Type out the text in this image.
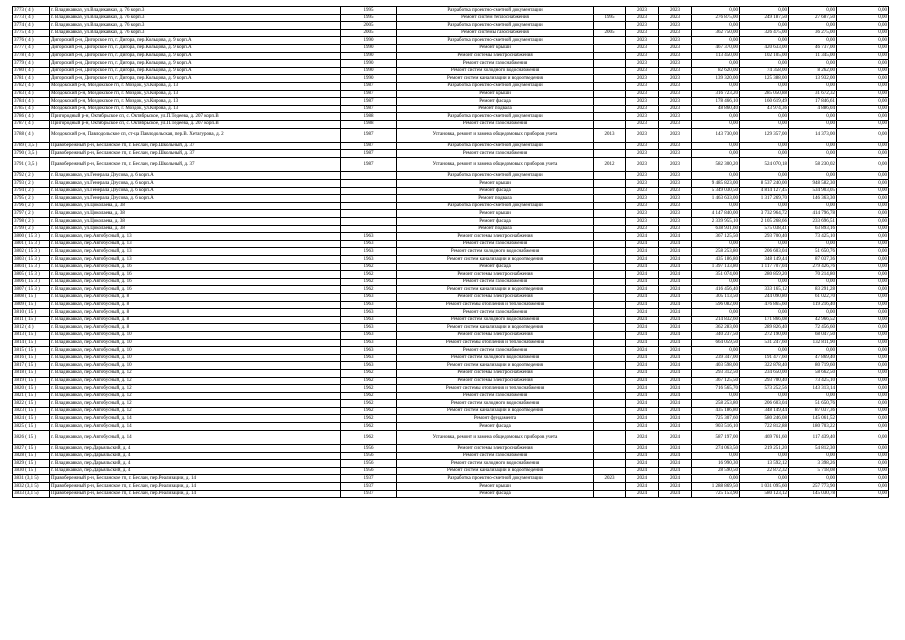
3773 ( 4 )	г. Владикавказ, ул.Владикавказ, д. 76 корп.3	1995	Разработка проектно-сметной документации		2023	2023	0,00	0,00	0,00	0,00
3773 ( 4 )	г. Владикавказ, ул.Владикавказ, д. 76 корп.3	1995	Ремонт систем теплоснабжения	1995	2023	2023	276 875,00	249 187,50	27 687,50	0,00
3774 ( 4 )	г. Владикавказ, ул.Владикавказ, д. 76 корп.3	2005	Разработка проектно-сметной документации		2023	2023	0,00	0,00	0,00	0,00
3775 ( 4 )	г. Владикавказ, ул.Владикавказ, д. 76 корп.3	2005	Ремонт системы газоснабжения	2005	2023	2023	362 750,00	326 475,00	36 275,00	0,00
3776 ( 4 )	Дигорский р-н, Дигорское гп, г. Дигора, пер.Кольцова, д. 9 корп.А	1990	Разработка проектно-сметной документации		2023	2023	0,00	0,00	0,00	0,00
3777 ( 4 )	Дигорский р-н, Дигорское гп, г. Дигора, пер.Кольцова, д. 9 корп.А	1990	Ремонт крыши		2023	2023	467 370,00	420 633,00	46 737,00	0,00
3778 ( 4 )	Дигорский р-н, Дигорское гп, г. Дигора, пер.Кольцова, д. 9 корп.А	1990	Ремонт системы электроснабжения		2023	2023	113 450,00	102 105,00	11 345,00	0,00
3779 ( 4 )	Дигорский р-н, Дигорское гп, г. Дигора, пер.Кольцова, д. 9 корп.А	1990	Ремонт систем газоснабжения		2023	2023	0,00	0,00	0,00	0,00
3780 ( 4 )	Дигорский р-н, Дигорское гп, г. Дигора, пер.Кольцова, д. 9 корп.А	1990	Ремонт систем холодного водоснабжения		2023	2023	82 620,00	74 358,00	8 262,00	0,00
3781 ( 4 )	Дигорский р-н, Дигорское гп, г. Дигора, пер.Кольцова, д. 9 корп.А	1990	Ремонт систем канализации и водоотведения		2023	2023	139 320,00	125 388,00	13 932,00	0,00
3782 ( 4 )	Моздокский р-н, Моздокское гп, г. Моздок, ул.Кирова, д. 13	1987	Разработка проектно-сметной документации		2023	2023	0,00	0,00	0,00	0,00
3783 ( 4 )	Моздокский р-н, Моздокское гп, г. Моздок, ул.Кирова, д. 13	1987	Ремонт крыши		2023	2023	316 723,20	285 050,88	31 672,32	0,00
3784 ( 4 )	Моздокский р-н, Моздокское гп, г. Моздок, ул.Кирова, д. 13	1987	Ремонт фасада		2023	2023	178 466,10	160 619,49	17 846,61	0,00
3785 ( 4 )	Моздокский р-н, Моздокское гп, г. Моздок, ул.Кирова, д. 13	1987	Ремонт подвала		2023	2023	48 860,40	43 974,36	4 886,04	0,00
3786 ( 4 )	Пригородный р-н, Октябрьское сп, с. Октябрьское, ул.П.Тедеева, д. 207 корп.В	1988	Разработка проектно-сметной документации		2023	2023	0,00	0,00	0,00	0,00
3787 ( 4 )	Пригородный р-н, Октябрьское сп, с. Октябрьское, ул.П.Тедеева, д. 207 корп.В	1988	Ремонт систем газоснабжения		2023	2023	0,00	0,00	0,00	0,00
3788 ( 4 )	Моздокский р-н, Павлодольское сп, ст-ца Павлодольская, пер.В. Хетагурова, д. 2	1987	Установка, ремонт и замена общедомовых приборов учета	2013	2023	2023	143 730,00	129 357,00	14 373,00	0,00
3789 ( 3,5 )	Правобережный р-н, Бесланское гп, г. Беслан, пер.Школьный, д. 37	1987	Разработка проектно-сметной документации		2023	2023	0,00	0,00	0,00	0,00
3790 ( 3,5 )	Правобережный р-н, Бесланское гп, г. Беслан, пер.Школьный, д. 37	1987	Ремонт систем газоснабжения		2023	2023	0,00	0,00	0,00	0,00
3791 ( 3,5 )	Правобережный р-н, Бесланское гп, г. Беслан, пер.Школьный, д. 37	1987	Установка, ремонт и замена общедомовых приборов учета	2012	2023	2023	582 300,20	524 070,18	58 230,02	0,00
3792 ( 2 )	г. Владикавказ, ул.Генерала Дзусова, д. 6 корп.А		Разработка проектно-сметной документации		2023	2023	0,00	0,00	0,00	0,00
3793 ( 2 )	г. Владикавказ, ул.Генерала Дзусова, д. 6 корп.А		Ремонт крыши		2023	2023	9 485 823,00	8 537 240,00	948 582,30	0,00
3794 ( 2 )	г. Владикавказ, ул.Генерала Дзусова, д. 6 корп.А		Ремонт фасада		2023	2023	5 349 030,50	4 814 127,45	534 903,05	0,00
3795 ( 2 )	г. Владикавказ, ул.Генерала Дзусова, д. 6 корп.А		Ремонт подвала		2023	2023	1 463 633,00	1 317 269,70	146 363,30	0,00
3796 ( 2 )	г. Владикавказ, ул.Цоколаева, д. 38		Разработка проектно-сметной документации		2023	2023	0,00	0,00	0,00	0,00
3797 ( 2 )	г. Владикавказ, ул.Цоколаева, д. 38		Ремонт крыши		2023	2023	4 147 840,00	3 732 964,72	414 796,78	0,00
3798 ( 2 )	г. Владикавказ, ул.Цоколаева, д. 38		Ремонт фасада		2023	2023	2 339 955,10	2 105 268,66	233 696,51	0,00
3799 ( 2 )	г. Владикавказ, ул.Цоколаева, д. 38		Ремонт подвала		2023	2023	638 931,60	575 038,41	63 893,16	0,00
3800 ( 15 3 )	г. Владикавказ, пер.Автобусный, д. 13	1963	Ремонт системы электроснабжения		2024	2024	367 125,50	293 700,40	73 425,10	0,00
3801 ( 15 3 )	г. Владикавказ, пер.Автобусный, д. 13	1963	Ремонт систем газоснабжения		2024	2024	0,00	0,00	0,00	0,00
3802 ( 15 3 )	г. Владикавказ, пер.Автобусный, д. 13	1963	Ремонт систем холодного водоснабжения		2024	2024	258 253,80	206 603,04	51 650,76	0,00
3803 ( 15 3 )	г. Владикавказ, пер.Автобусный, д. 13	1963	Ремонт систем канализации и водоотведения		2024	2024	435 186,80	348 149,44	87 037,36	0,00
3804 ( 15 3 )	г. Владикавказ, пер.Автобусный, д. 16	1962	Ремонт фасада		2024	2024	1 397 133,80	1 117 707,04	279 426,76	0,00
3805 ( 15 3 )	г. Владикавказ, пер.Автобусный, д. 16	1962	Ремонт системы электроснабжения		2024	2024	351 074,00	280 859,20	70 214,80	0,00
3806 ( 15 3 )	г. Владикавказ, пер.Автобусный, д. 16	1962	Ремонт систем газоснабжения		2024	2024	0,00	0,00	0,00	0,00
3807 ( 15 3 )	г. Владикавказ, пер.Автобусный, д. 16	1962	Ремонт систем канализации и водоотведения		2024	2024	416 456,40	333 165,12	83 291,28	0,00
3808 ( 15 )	г. Владикавказ, пер.Автобусный, д. 8	1963	Ремонт системы электроснабжения		2024	2024	305 113,50	244 090,80	61 022,70	0,00
3809 ( 15 )	г. Владикавказ, пер.Автобусный, д. 8	1963	Ремонт системы отопления и теплоснабжения		2024	2024	596 082,00	476 865,60	119 216,40	0,00
3810 ( 15 )	г. Владикавказ, пер.Автобусный, д. 8	1963	Ремонт систем газоснабжения		2024	2024	0,00	0,00	0,00	0,00
3811 ( 15 )	г. Владикавказ, пер.Автобусный, д. 8	1963	Ремонт систем холодного водоснабжения		2024	2024	214 832,60	171 866,08	42 966,52	0,00
3812 ( 4 )	г. Владикавказ, пер.Автобусный, д. 8	1963	Ремонт систем канализации и водоотведения		2024	2024	362 283,00	289 826,40	72 456,60	0,00
3813 ( 15 )	г. Владикавказ, пер.Автобусный, д. 10	1963	Ремонт системы электроснабжения		2024	2024	340 237,50	272 190,00	68 047,50	0,00
3814 ( 15 )	г. Владикавказ, пер.Автобусный, д. 10	1963	Ремонт системы отопления и теплоснабжения		2024	2024	664 059,50	531 247,60	132 811,90	0,00
3815 ( 15 )	г. Владикавказ, пер.Автобусный, д. 10	1963	Ремонт систем газоснабжения		2024	2024	0,00	0,00	0,00	0,00
3816 ( 15 )	г. Владикавказ, пер.Автобусный, д. 10	1963	Ремонт систем холодного водоснабжения		2024	2024	239 347,00	191 477,60	47 869,40	0,00
3817 ( 15 )	г. Владикавказ, пер.Автобусный, д. 10	1963	Ремонт систем канализации и водоотведения		2024	2024	403 598,00	322 878,40	80 719,60	0,00
3818 ( 15 )	г. Владикавказ, пер.Автобусный, д. 12	1962	Ремонт системы электроснабжения		2024	2024	293 312,50	234 650,00	58 662,50	0,00
3819 ( 15 )	г. Владикавказ, пер.Автобусный, д. 12	1962	Ремонт системы электроснабжения		2024	2024	367 125,50	293 700,40	73 425,10	0,00
3820 ( 15 )	г. Владикавказ, пер.Автобусный, д. 12	1962	Ремонт системы отопления и теплоснабжения		2024	2024	716 565,70	573 252,56	143 313,14	0,00
3821 ( 15 )	г. Владикавказ, пер.Автобусный, д. 12	1962	Ремонт систем газоснабжения		2024	2024	0,00	0,00	0,00	0,00
3822 ( 15 )	г. Владикавказ, пер.Автобусный, д. 12	1962	Ремонт систем холодного водоснабжения		2024	2024	258 253,80	206 603,04	51 650,76	0,00
3823 ( 15 )	г. Владикавказ, пер.Автобусный, д. 12	1962	Ремонт систем канализации и водоотведения		2024	2024	435 186,80	348 149,44	87 037,36	0,00
3824 ( 15 )	г. Владикавказ, пер.Автобусный, д. 14	1962	Ремонт фундамента		2024	2024	725 307,60	580 246,08	145 061,52	0,00
3825 ( 15 )	г. Владикавказ, пер.Автобусный, д. 14	1962	Ремонт фасада		2024	2024	903 516,10	722 812,88	180 703,22	0,00
3826 ( 15 )	г. Владикавказ, пер.Автобусный, д. 14	1962	Установка, ремонт и замена общедомовых приборов учета		2024	2024	587 197,00	469 761,60	117 439,40	0,00
3827 ( 15 )	г. Владикавказ, пер.Дарьяльский, д. 4	1956	Ремонт системы электроснабжения		2024	2024	274 063,50	219 251,20	54 812,30	0,00
3828 ( 15 )	г. Владикавказ, пер.Дарьяльский, д. 4	1956	Ремонт систем газоснабжения		2024	2024	0,00	0,00	0,00	0,00
3829 ( 15 )	г. Владикавказ, пер.Дарьяльский, д. 4	1956	Ремонт систем холодного водоснабжения		2024	2024	16 990,30	13 592,12	3 398,26	0,00
3830 ( 15 )	г. Владикавказ, пер.Дарьяльский, д. 4	1956	Ремонт систем канализации и водоотведения		2024	2024	28 590,50	22 872,32	5 718,08	0,00
3831 (3,1 5)	Правобережный р-н, Бесланское гп, г. Беслан, пер.Реализации, д. 14	1937	Разработка проектно-сметной документации	2023	2024	2024	0,00	0,00	0,00	0,00
3832 (3,1 5)	Правобережный р-н, Бесланское гп, г. Беслан, пер.Реализации, д. 14	1937	Ремонт крыши		2024	2024	1 288 869,50	1 031 095,60	257 773,90	0,00
3833 (3,1 5)	Правобережный р-н, Бесланское гп, г. Беслан, пер.Реализации, д. 14	1937	Ремонт фасада		2024	2024	725 153,90	580 123,12	145 030,78	0,00
